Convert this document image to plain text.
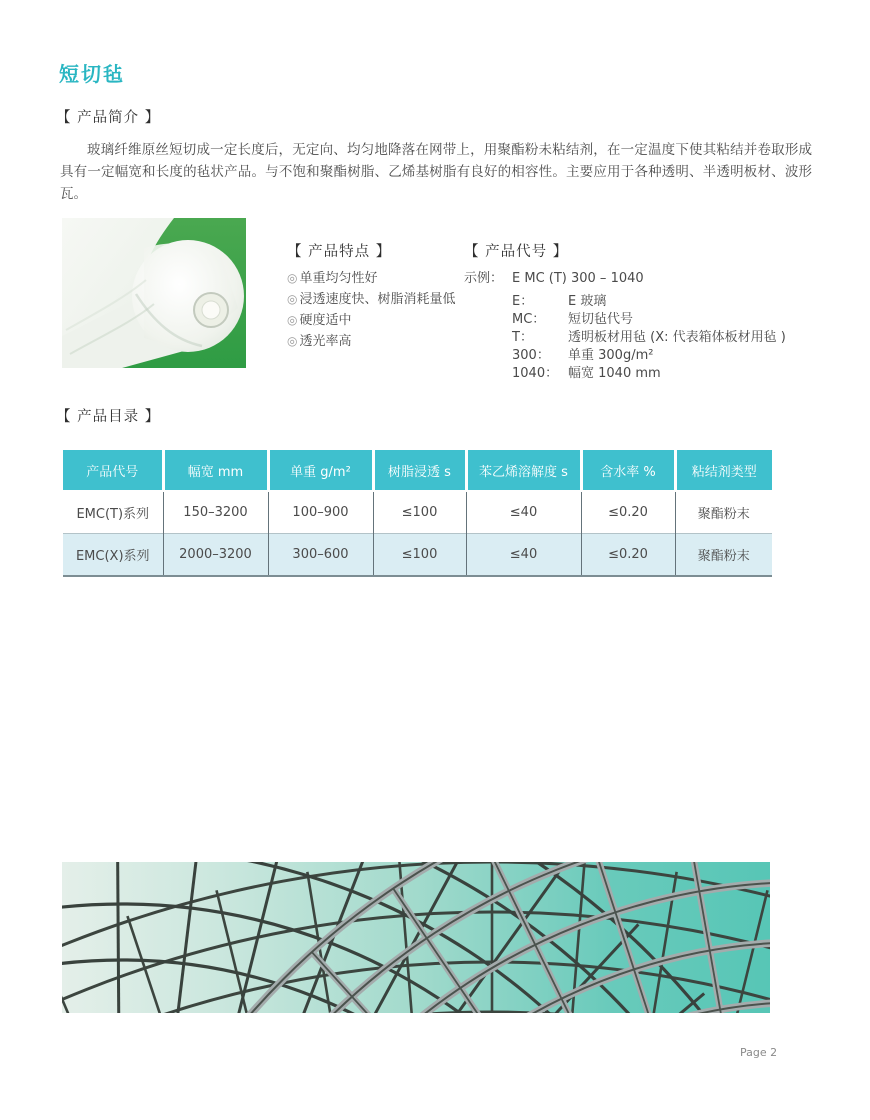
短切毡
【 产品简介 】
玻璃纤维原丝短切成一定长度后，无定向、均匀地降落在网带上，用聚酯粉未粘结剂，在一定温度下使其粘结并卷取形成具有一定幅宽和长度的毡状产品。与不饱和聚酯树脂、乙烯基树脂有良好的相容性。主要应用于各种透明、半透明板材、波形瓦。
【 产品特点 】
◎ 单重均匀性好
◎ 浸透速度快、树脂消耗量低
◎ 硬度适中
◎ 透光率高
【 产品代号 】
示例： E MC (T) 300 – 1040
E：	E 玻璃
MC：	短切毡代号
T：	透明板材用毡 (X: 代表箱体板材用毡 )
300：	单重 300g/m²
1040： 幅宽 1040 mm
【 产品目录 】
产品代号	幅宽 mm	单重 g/m²	树脂浸透 s	苯乙烯溶解度 s	含水率 %	粘结剂类型
EMC(T)系列	150–3200	100–900	≤100	≤40	≤0.20	聚酯粉末
EMC(X)系列	2000–3200	300–600	≤100	≤40	≤0.20	聚酯粉末
Page 2
